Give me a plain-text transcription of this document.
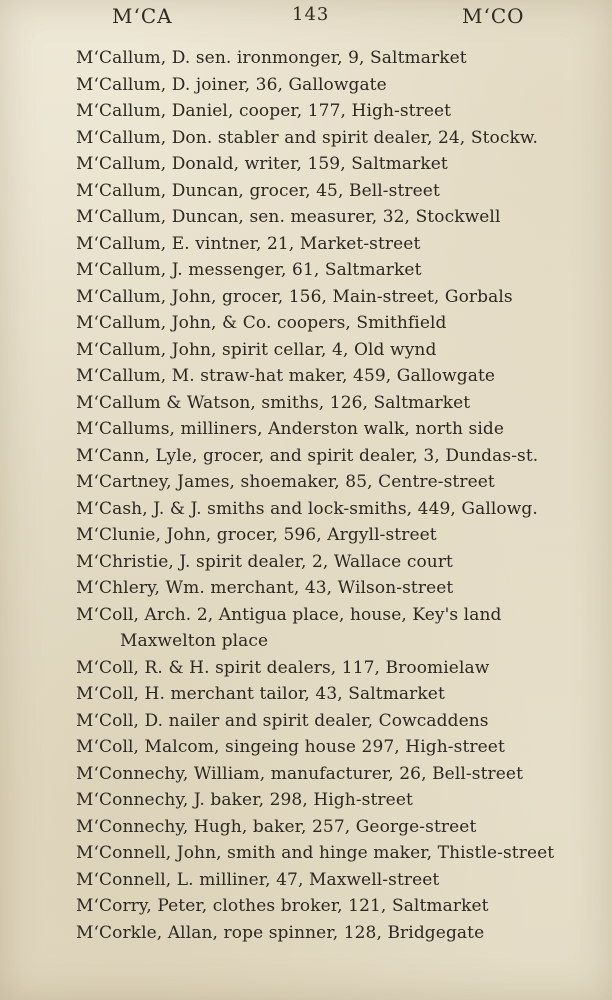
M‘CA	143	M‘CO
M‘Callum, D. sen. ironmonger, 9, Saltmarket
M‘Callum, D. joiner, 36, Gallowgate
M‘Callum, Daniel, cooper, 177, High-street
M‘Callum, Don. stabler and spirit dealer, 24, Stockw.
M‘Callum, Donald, writer, 159, Saltmarket
M‘Callum, Duncan, grocer, 45, Bell-street
M‘Callum, Duncan, sen. measurer, 32, Stockwell
M‘Callum, E. vintner, 21, Market-street
M‘Callum, J. messenger, 61, Saltmarket
M‘Callum, John, grocer, 156, Main-street, Gorbals
M‘Callum, John, & Co. coopers, Smithfield
M‘Callum, John, spirit cellar, 4, Old wynd
M‘Callum, M. straw-hat maker, 459, Gallowgate
M‘Callum & Watson, smiths, 126, Saltmarket
M‘Callums, milliners, Anderston walk, north side
M‘Cann, Lyle, grocer, and spirit dealer, 3, Dundas-st.
M‘Cartney, James, shoemaker, 85, Centre-street
M‘Cash, J. & J. smiths and lock-smiths, 449, Gallowg.
M‘Clunie, John, grocer, 596, Argyll-street
M‘Christie, J. spirit dealer, 2, Wallace court
M‘Chlery, Wm. merchant, 43, Wilson-street
M‘Coll, Arch. 2, Antigua place, house, Key's land
Maxwelton place
M‘Coll, R. & H. spirit dealers, 117, Broomielaw
M‘Coll, H. merchant tailor, 43, Saltmarket
M‘Coll, D. nailer and spirit dealer, Cowcaddens
M‘Coll, Malcom, singeing house 297, High-street
M‘Connechy, William, manufacturer, 26, Bell-street
M‘Connechy, J. baker, 298, High-street
M‘Connechy, Hugh, baker, 257, George-street
M‘Connell, John, smith and hinge maker, Thistle-street
M‘Connell, L. milliner, 47, Maxwell-street
M‘Corry, Peter, clothes broker, 121, Saltmarket
M‘Corkle, Allan, rope spinner, 128, Bridgegate
